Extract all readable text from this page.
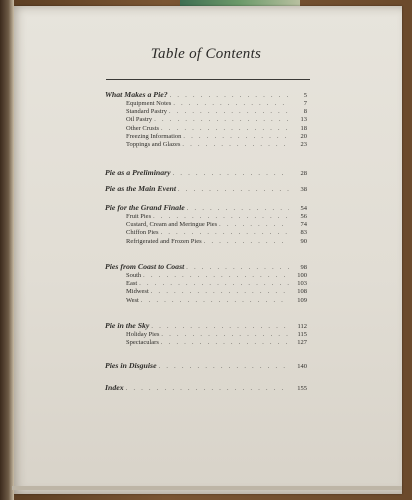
Table of Contents
What Makes a Pie? . . .	5
Equipment Notes . . .	7
Standard Pastry . . .	8
Oil Pastry . . .	13
Other Crusts . . .	18
Freezing Information . . .	20
Toppings and Glazes . . .	23
Pie as a Preliminary . . .	28
Pie as the Main Event . . .	38
Pie for the Grand Finale . . .	54
Fruit Pies . . .	56
Custard, Cream and Meringue Pies . . .	74
Chiffon Pies . . .	83
Refrigerated and Frozen Pies . . .	90
Pies from Coast to Coast . . .	98
South . . .	100
East . . .	103
Midwest . . .	108
West . . .	109
Pie in the Sky . . .	112
Holiday Pies . . .	115
Spectaculars . . .	127
Pies in Disguise . . .	140
Index . . .	155
